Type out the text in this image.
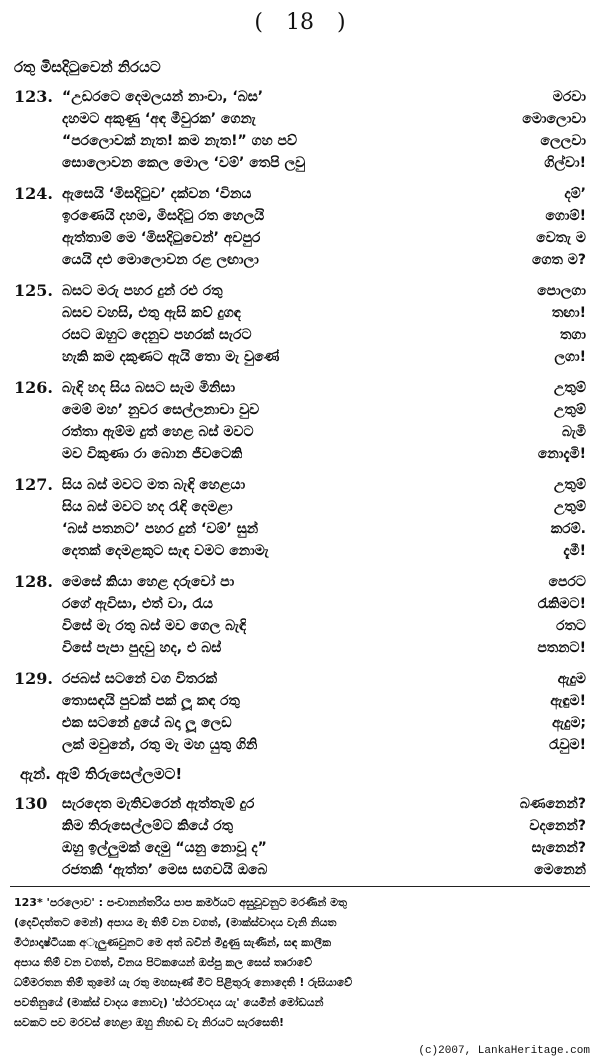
( 18 )
රතු මිසදිටුවෙන් නිරයට
123. “උඩරටෙ දෙමලයන් නාංචා, ‘බස’	මරවා
දහමට අකුණු ‘අඳ මීවුරක’ ගෙනැ	මොලොවා
“පරලොවක් නැත! කම නැත!” ගහ පව්	ලෙලවා
සොලොවන කෙල මොල ‘වම්’ තෙපි ලවු	ගිල්වා!
124. ඇසෙයි ‘මිසදිටුව’ දක්වන ‘විනය	දම්’
ඉරණෙයි දහම, මිසදිටු රත හෙලයි	ගොම්!
ඇත්තාම් මෙ ‘මිසදිටුවෙන්’ අවපුර	වෙතැ ම
යෙයි දඑ මොලොවන රළ ලඟාලා	ගෙත ම?
125. බසට මරු පහර දුන් රළු රතු	පොලගා
බසව වහසි, එතු ඇසි කව් දුගඳ	තඟා!
රසට ඔහුට දෙනුව පහරක් සැරට	තගා
හැකි කම දකුණට ඇයි තො මැ වුණේ	ලගා!
126. බැඳි හද සිය බසට සැම මිනිසා	උතුම්
මෙම් මහ’ නුවර සෙල්ලනාචා වුව	උතුම්
රත්තා ඇම්ම දුත් හෙළ බස් මවට	බැමි
මව විකුණා රා බොන ජීවටෙකි	නොදැමි!
127. සිය බස් මවට මත බැඳි හෙළයා	උතුම්
සිය බස් මවට හද රැඳි දෙමළා	උතුම්
‘බස් පතනට’ පහර දුන් ‘වම්’ සුන්	කරම්.
දෙතක් දෙමළකුට සැඳ වමට නොමැ	දැමී!
128. මෙසේ කියා හෙළ දරුවෝ පා	පෙරට
රගේ ඇවිසා, එත් වා, රැය	රැකිමට!
විසේ මැ රතු බස් මව ගෙල බැඳි	රතට
විසේ පැපා පුදවු හද, එ බස්	පතනට!
129. රජබස් සටනේ වග විතරක්	ඇදුම
තොසඳයි පුවක් පක් ලූ කඳ රතු	ඇඳුම!
එක සටනේ දුයේ බදා ලූ ලෙඩ	ඇදුම;
ලක් මවුනේ, රතු මැ මහ යුතු ගිනි	රැවුම!
ඇන්. ඇම් තිරුසෙල්ලමට!
130 සැරදෙත මැතිවරෙන් ඇත්තැම් දුර	බණනෙන්?
කිම තිරුසෙල්ලම්ට කියේ රතු	වදනෙන්?
ඔහු ඉල්ලුමක් දෙමු “යනු නොවූ ද”	සැනෙන්?
රජතකි ‘ඇත්ත’ මෙස සගවයි ඔබෙ	මෙනෙන්

123* 'පරලොව' : පංචානන්තරිය පාප කර්මයට අසුවූවනුට මරණින් මතු

(දෙවිදත්තට මෙන්) අපාය මැ තිම් වන වගත්, (මාක්ස්වාදය වැනි නියත

මිථ්‍යාදෘෂ්ටියක අැලුණවුනට මෙ අත් බවින් මිදුණු සැණින්, සඳ කාලීක

අපාය තිම් වන වගත්, විනය පිටකයෙන් ඔප්පු කල සෙස් තෘරාවේ

ධම්මරතන තිම් තුමෝ යැ රතු මහසෑණ් මිට පිළිතුරු නොදෙති ! රුසියාවේ

පවතිනුයේ (මාක්ස් වාදය නොවැ) 'ස්ථරවාදය යැ' යෙමින් මෝඩයන්

සවකට පව මරවස් හෙළා ඔහු නිහඬ වැ නිරයට සැරසෙති!

(c)2007, LankaHeritage.com
